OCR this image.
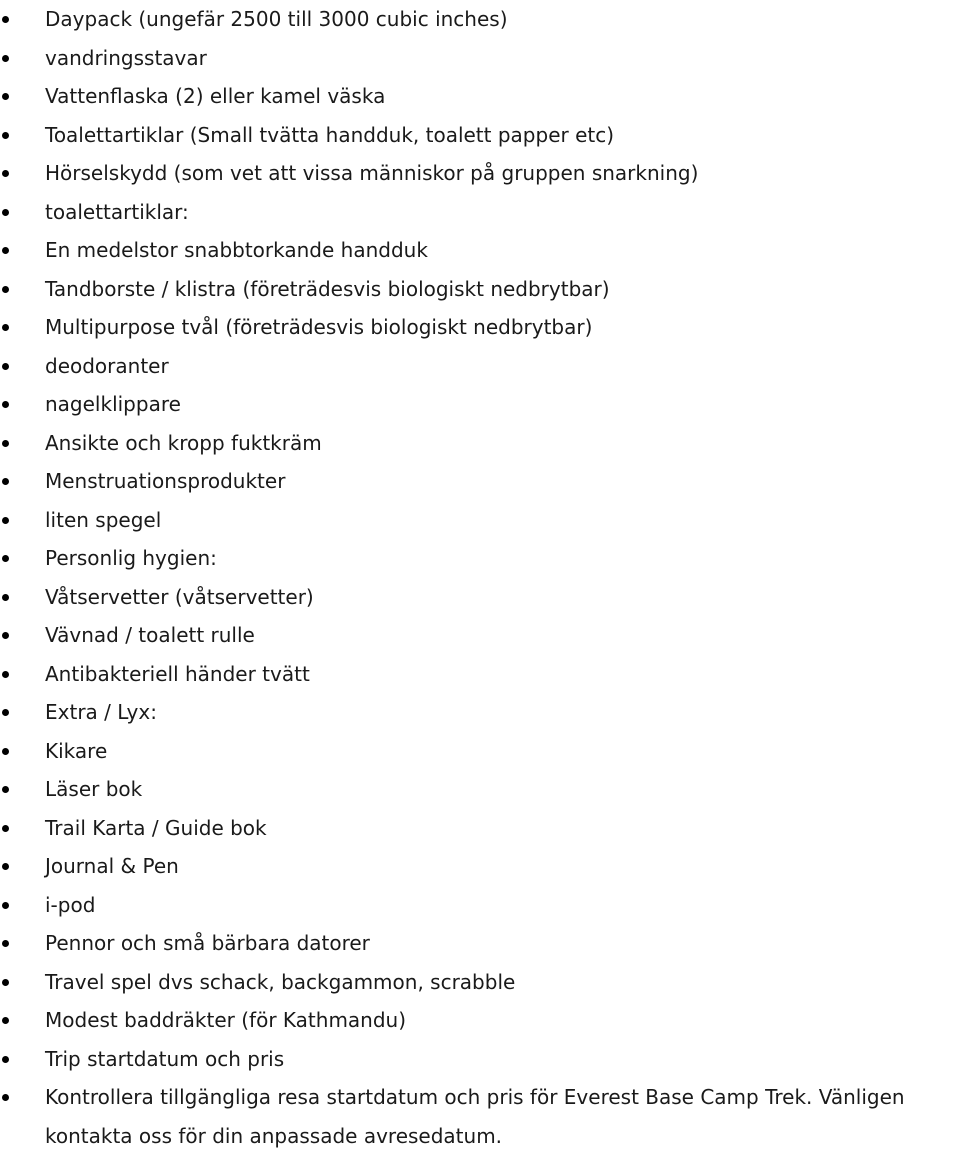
Daypack (ungefär 2500 till 3000 cubic inches)
vandringsstavar
Vattenflaska (2) eller kamel väska
Toalettartiklar (Small tvätta handduk, toalett papper etc)
Hörselskydd (som vet att vissa människor på gruppen snarkning)
toalettartiklar:
En medelstor snabbtorkande handduk
Tandborste / klistra (företrädesvis biologiskt nedbrytbar)
Multipurpose tvål (företrädesvis biologiskt nedbrytbar)
deodoranter
nagelklippare
Ansikte och kropp fuktkräm
Menstruationsprodukter
liten spegel
Personlig hygien:
Våtservetter (våtservetter)
Vävnad / toalett rulle
Antibakteriell händer tvätt
Extra / Lyx:
Kikare
Läser bok
Trail Karta / Guide bok
Journal & Pen
i-pod
Pennor och små bärbara datorer
Travel spel dvs schack, backgammon, scrabble
Modest baddräkter (för Kathmandu)
Trip startdatum och pris
Kontrollera tillgängliga resa startdatum och pris för Everest Base Camp Trek. Vänligen kontakta oss för din anpassade avresedatum.
